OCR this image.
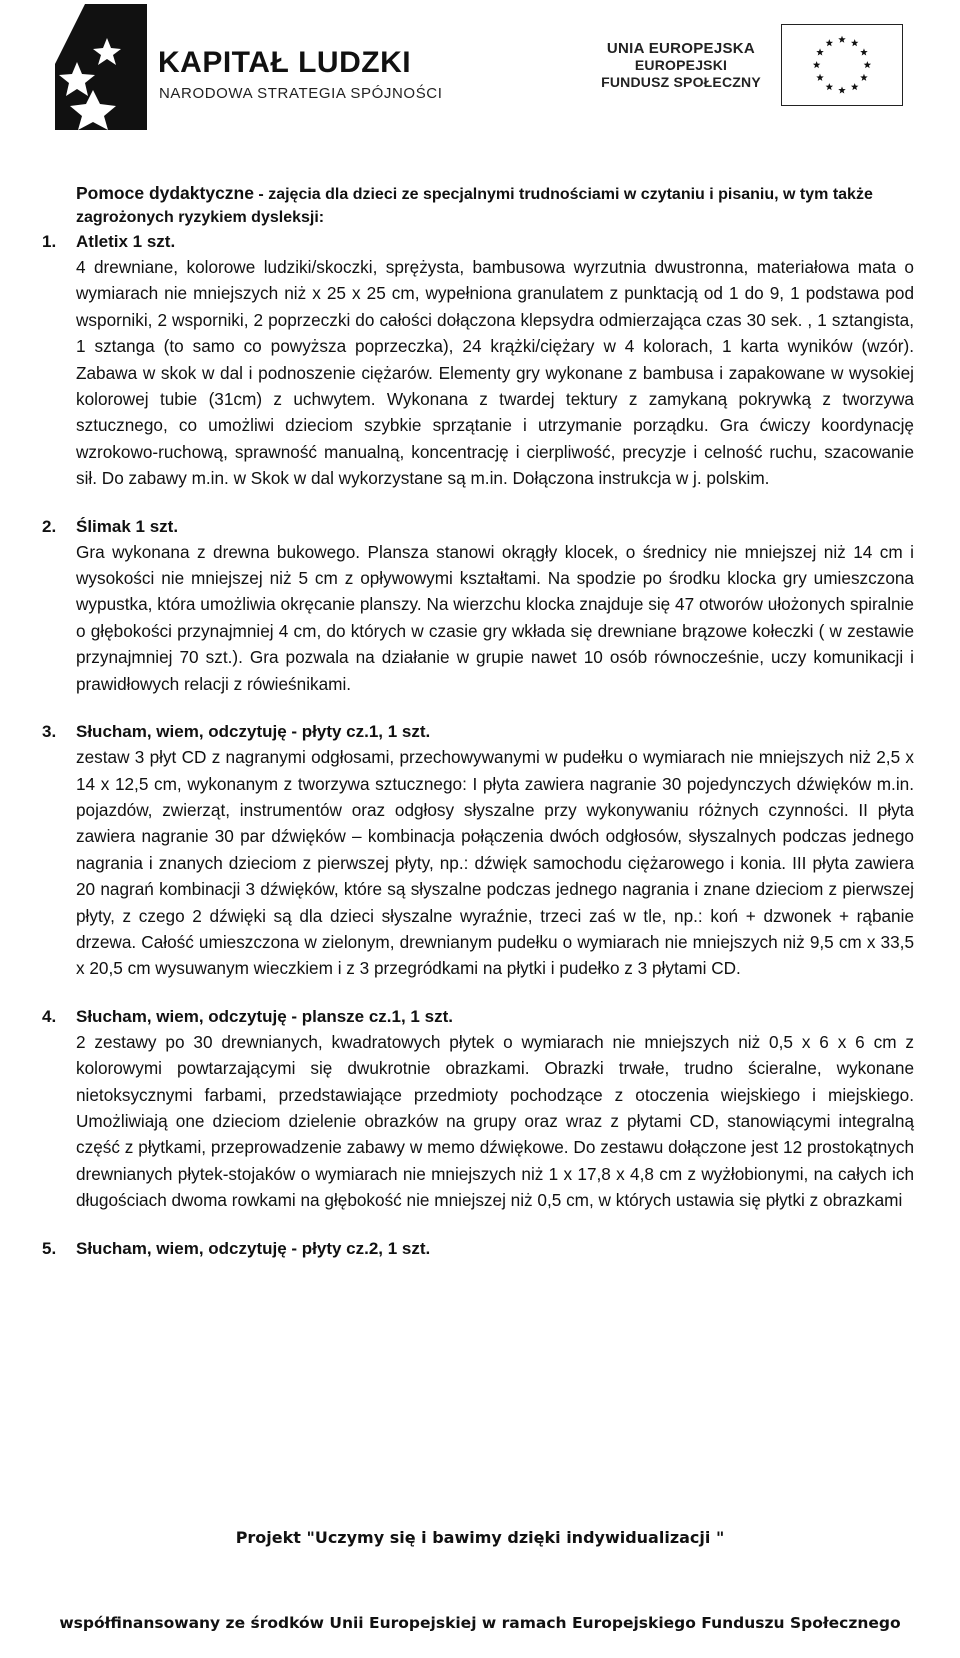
KAPITAŁ LUDZKI
NARODOWA STRATEGIA SPÓJNOŚCI
UNIA EUROPEJSKA
EUROPEJSKI
FUNDUSZ SPOŁECZNY
Pomoce dydaktyczne - zajęcia dla dzieci ze specjalnymi trudnościami w czytaniu i pisaniu, w tym także zagrożonych ryzykiem dysleksji:
1.	Atletix 1 szt.
4 drewniane, kolorowe ludziki/skoczki, sprężysta, bambusowa wyrzutnia dwustronna, materiałowa mata o wymiarach nie mniejszych niż x 25 x 25 cm, wypełniona granulatem z punktacją od 1 do 9, 1 podstawa pod wsporniki, 2 wsporniki, 2 poprzeczki do całości dołączona klepsydra odmierzająca czas 30 sek. , 1 sztangista, 1 sztanga (to samo co powyższa poprzeczka), 24 krążki/ciężary w 4 kolorach, 1 karta wyników (wzór). Zabawa w skok w dal i podnoszenie ciężarów. Elementy gry wykonane z bambusa i zapakowane w wysokiej kolorowej tubie (31cm) z uchwytem. Wykonana z twardej tektury z zamykaną pokrywką z tworzywa sztucznego, co umożliwi dzieciom szybkie sprzątanie i utrzymanie porządku. Gra ćwiczy koordynację wzrokowo-ruchową, sprawność manualną, koncentrację i cierpliwość, precyzje i celność ruchu, szacowanie sił. Do zabawy m.in. w Skok w dal wykorzystane są m.in. Dołączona instrukcja w j. polskim.
2.	Ślimak 1 szt.
Gra wykonana z drewna bukowego. Plansza stanowi okrągły klocek, o średnicy nie mniejszej niż 14 cm i wysokości nie mniejszej niż 5 cm z opływowymi kształtami. Na spodzie po środku klocka gry umieszczona wypustka, która umożliwia okręcanie planszy. Na wierzchu klocka znajduje się 47 otworów ułożonych spiralnie o głębokości przynajmniej 4 cm, do których w czasie gry wkłada się drewniane brązowe kołeczki ( w zestawie przynajmniej 70 szt.). Gra pozwala na działanie w grupie nawet 10 osób równocześnie, uczy komunikacji i prawidłowych relacji z rówieśnikami.
3.	Słucham, wiem, odczytuję - płyty cz.1, 1 szt.
zestaw 3 płyt CD z nagranymi odgłosami, przechowywanymi w pudełku o wymiarach nie mniejszych niż 2,5 x 14 x 12,5 cm, wykonanym z tworzywa sztucznego: I płyta zawiera nagranie 30 pojedynczych dźwięków m.in. pojazdów, zwierząt, instrumentów oraz odgłosy słyszalne przy wykonywaniu różnych czynności. II płyta zawiera nagranie 30 par dźwięków – kombinacja połączenia dwóch odgłosów, słyszalnych podczas jednego nagrania i znanych dzieciom z pierwszej płyty, np.: dźwięk samochodu ciężarowego i konia. III płyta zawiera 20 nagrań kombinacji 3 dźwięków, które są słyszalne podczas jednego nagrania i znane dzieciom z pierwszej płyty, z czego 2 dźwięki są dla dzieci słyszalne wyraźnie, trzeci zaś w tle, np.: koń + dzwonek + rąbanie drzewa. Całość umieszczona w zielonym, drewnianym pudełku o wymiarach nie mniejszych niż 9,5 cm x 33,5 x 20,5 cm wysuwanym wieczkiem i z 3 przegródkami na płytki i pudełko z 3 płytami CD.
4.	Słucham, wiem, odczytuję - plansze cz.1, 1 szt.
2 zestawy po 30 drewnianych, kwadratowych płytek o wymiarach nie mniejszych niż 0,5 x 6 x 6 cm z kolorowymi powtarzającymi się dwukrotnie obrazkami. Obrazki trwałe, trudno ścieralne, wykonane nietoksycznymi farbami, przedstawiające przedmioty pochodzące z otoczenia wiejskiego i miejskiego. Umożliwiają one dzieciom dzielenie obrazków na grupy oraz wraz z płytami CD, stanowiącymi integralną część z płytkami, przeprowadzenie zabawy w memo dźwiękowe. Do zestawu dołączone jest 12 prostokątnych drewnianych płytek-stojaków o wymiarach nie mniejszych niż 1 x 17,8 x 4,8 cm z wyżłobionymi, na całych ich długościach dwoma rowkami na głębokość nie mniejszej niż 0,5 cm, w których ustawia się płytki z obrazkami
5.	Słucham, wiem, odczytuję - płyty cz.2, 1 szt.
Projekt "Uczymy się i bawimy dzięki indywidualizacji "
współfinansowany ze środków Unii Europejskiej w ramach Europejskiego Funduszu Społecznego
